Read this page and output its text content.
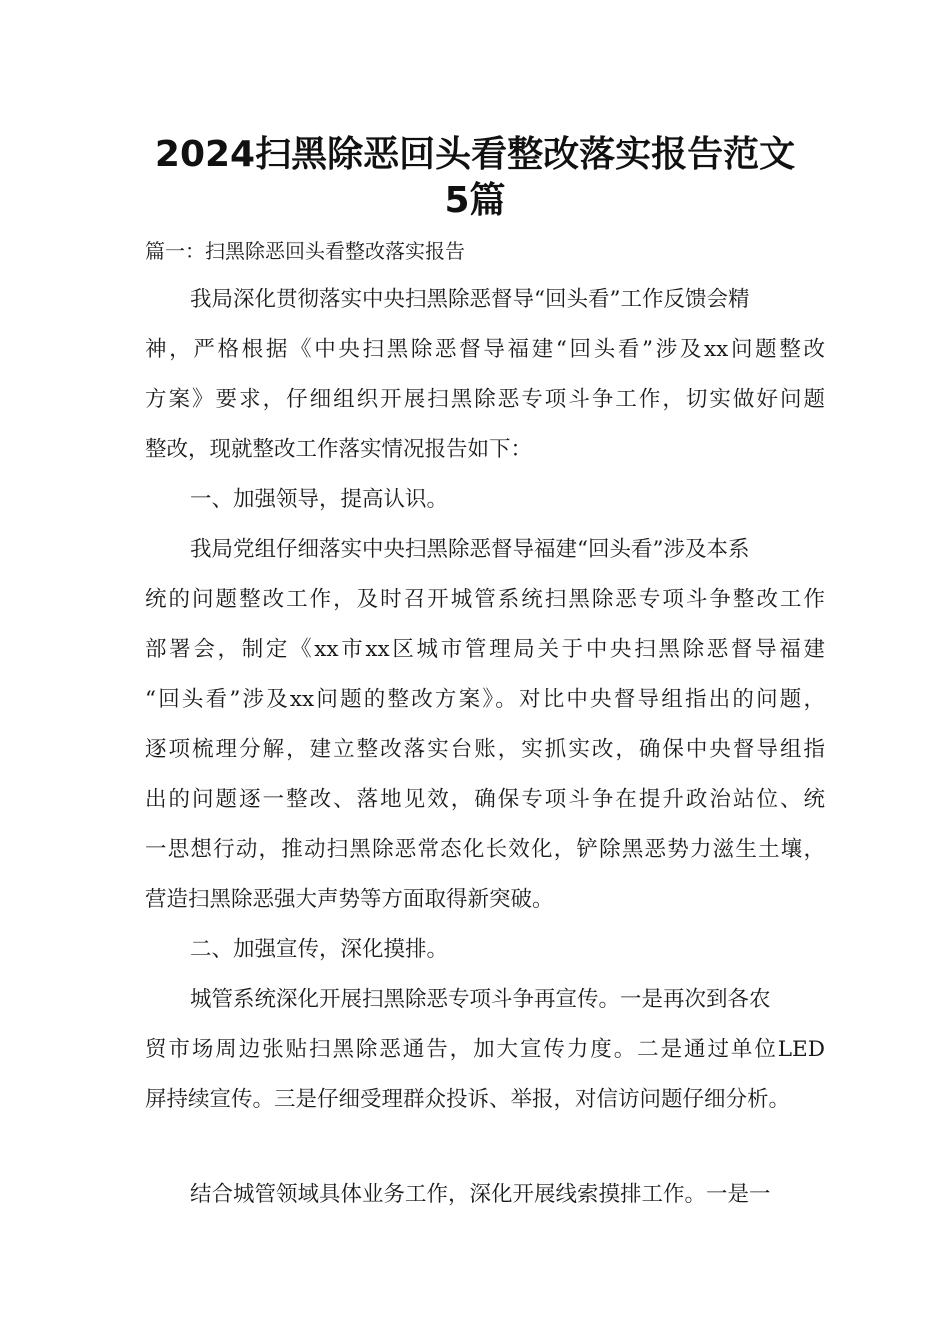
2024扫黑除恶回头看整改落实报告范文
5篇

篇一：扫黑除恶回头看整改落实报告

我局深化贯彻落实中央扫黑除恶督导“回头看”工作反馈会精

神，严格根据《中央扫黑除恶督导福建“回头看”涉及xx问题整改

方案》要求，仔细组织开展扫黑除恶专项斗争工作，切实做好问题

整改，现就整改工作落实情况报告如下：

一、加强领导，提高认识。

我局党组仔细落实中央扫黑除恶督导福建“回头看”涉及本系

统的问题整改工作，及时召开城管系统扫黑除恶专项斗争整改工作

部署会，制定《xx市xx区城市管理局关于中央扫黑除恶督导福建

“回头看”涉及xx问题的整改方案》。对比中央督导组指出的问题，

逐项梳理分解，建立整改落实台账，实抓实改，确保中央督导组指

出的问题逐一整改、落地见效，确保专项斗争在提升政治站位、统

一思想行动，推动扫黑除恶常态化长效化，铲除黑恶势力滋生土壤，

营造扫黑除恶强大声势等方面取得新突破。

二、加强宣传，深化摸排。

城管系统深化开展扫黑除恶专项斗争再宣传。一是再次到各农

贸市场周边张贴扫黑除恶通告，加大宣传力度。二是通过单位LED

屏持续宣传。三是仔细受理群众投诉、举报，对信访问题仔细分析。

结合城管领域具体业务工作，深化开展线索摸排工作。一是一
